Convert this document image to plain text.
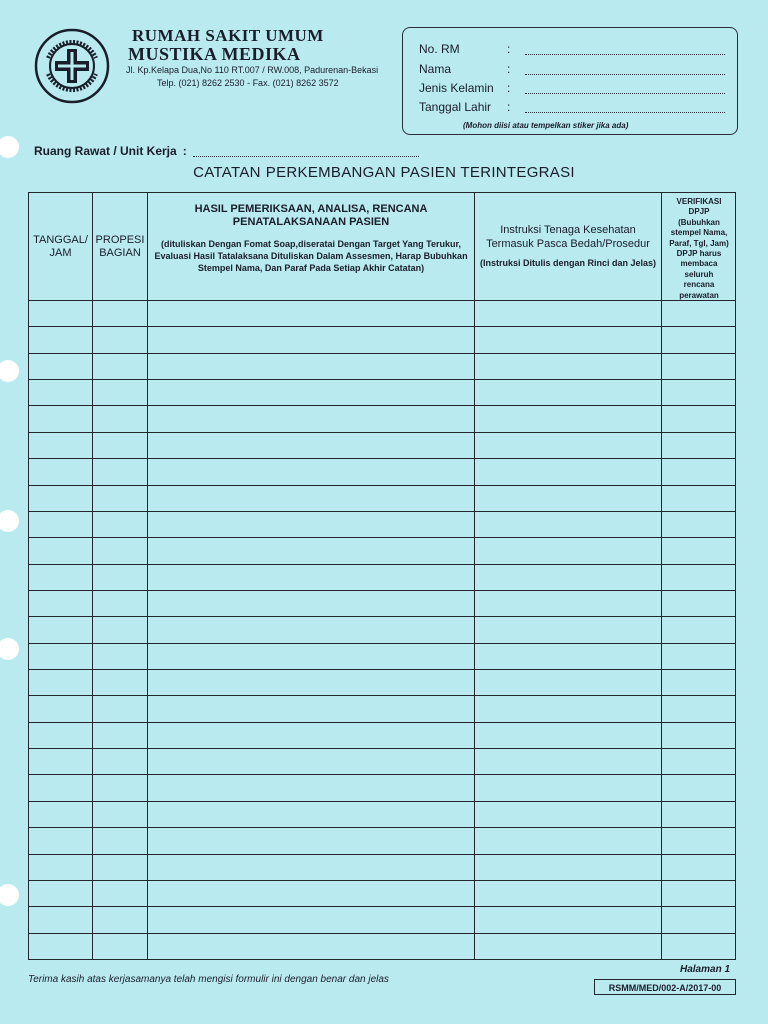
RUMAH SAKIT UMUM
MUSTIKA MEDIKA
Jl. Kp.Kelapa Dua,No 110 RT.007 / RW.008, Padurenan-Bekasi
Telp. (021) 8262 2530 - Fax. (021) 8262 3572
No. RM	:
Nama	:
Jenis Kelamin	:
Tanggal Lahir	:
(Mohon diisi atau tempelkan stiker jika ada)
Ruang Rawat / Unit Kerja :
CATATAN PERKEMBANGAN PASIEN TERINTEGRASI
TANGGAL/ JAM
PROPESI BAGIAN
HASIL PEMERIKSAAN, ANALISA, RENCANA PENATALAKSANAAN PASIEN
(dituliskan Dengan Fomat Soap,diseratai Dengan Target Yang Terukur, Evaluasi Hasil Tatalaksana Dituliskan Dalam Assesmen, Harap Bubuhkan Stempel Nama, Dan Paraf Pada Setiap Akhir Catatan)
Instruksi Tenaga Kesehatan Termasuk Pasca Bedah/Prosedur
(Instruksi Ditulis dengan Rinci dan Jelas)
VERIFIKASI DPJP (Bubuhkan stempel Nama, Paraf, Tgl, Jam) DPJP harus membaca seluruh rencana perawatan
Terima kasih atas kerjasamanya telah mengisi formulir ini dengan benar dan jelas
Halaman 1
RSMM/MED/002-A/2017-00
